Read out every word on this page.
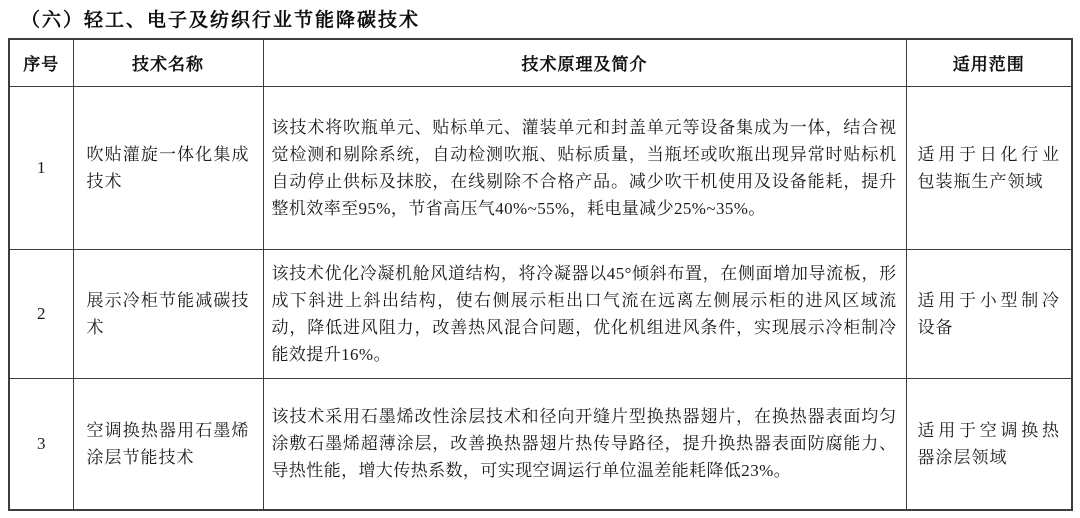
（六）轻工、电子及纺织行业节能降碳技术
序号	技术名称	技术原理及简介	适用范围
1	吹贴灌旋一体化集成技术	该技术将吹瓶单元、贴标单元、灌装单元和封盖单元等设备集成为一体，结合视觉检测和剔除系统，自动检测吹瓶、贴标质量，当瓶坯或吹瓶出现异常时贴标机自动停止供标及抹胶，在线剔除不合格产品。减少吹干机使用及设备能耗，提升整机效率至95%，节省高压气40%~55%，耗电量减少25%~35%。	适用于日化行业包装瓶生产领域
2	展示冷柜节能减碳技术	该技术优化冷凝机舱风道结构，将冷凝器以45°倾斜布置，在侧面增加导流板，形成下斜进上斜出结构，使右侧展示柜出口气流在远离左侧展示柜的进风区域流动，降低进风阻力，改善热风混合问题，优化机组进风条件，实现展示冷柜制冷能效提升16%。	适用于小型制冷设备
3	空调换热器用石墨烯涂层节能技术	该技术采用石墨烯改性涂层技术和径向开缝片型换热器翅片，在换热器表面均匀涂敷石墨烯超薄涂层，改善换热器翅片热传导路径，提升换热器表面防腐能力、导热性能，增大传热系数，可实现空调运行单位温差能耗降低23%。	适用于空调换热器涂层领域
